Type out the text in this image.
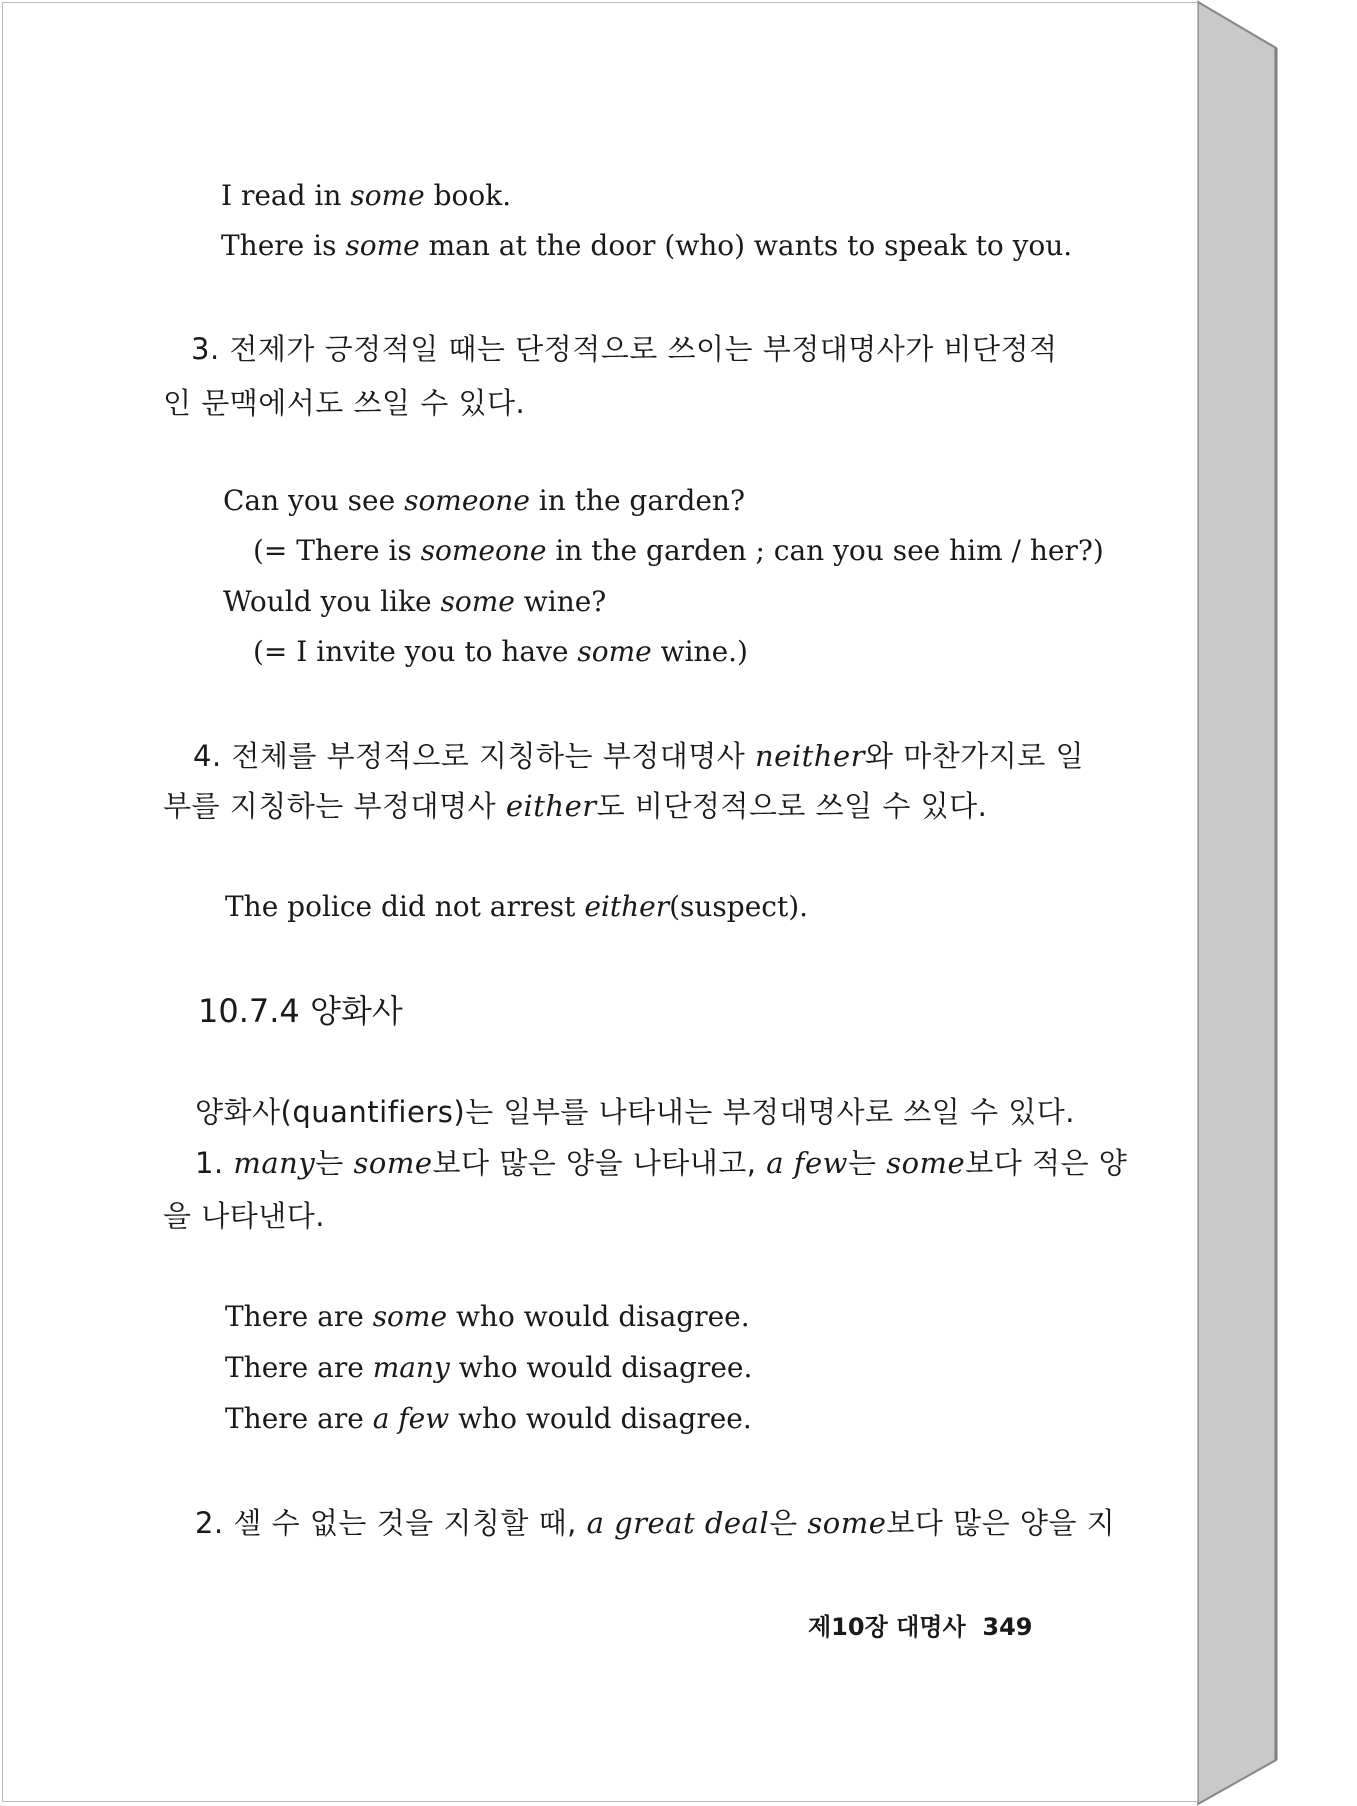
I read in some book.
There is some man at the door (who) wants to speak to you.
3. 전제가 긍정적일 때는 단정적으로 쓰이는 부정대명사가 비단정적
인 문맥에서도 쓰일 수 있다.
Can you see someone in the garden?
(= There is someone in the garden ; can you see him / her?)
Would you like some wine?
(= I invite you to have some wine.)
4. 전체를 부정적으로 지칭하는 부정대명사 neither와 마찬가지로 일
부를 지칭하는 부정대명사 either도 비단정적으로 쓰일 수 있다.
The police did not arrest either(suspect).
10.7.4 양화사
양화사(quantifiers)는 일부를 나타내는 부정대명사로 쓰일 수 있다.
1. many는 some보다 많은 양을 나타내고, a few는 some보다 적은 양
을 나타낸다.
There are some who would disagree.
There are many who would disagree.
There are a few who would disagree.
2. 셀 수 없는 것을 지칭할 때, a great deal은 some보다 많은 양을 지
제10장 대명사 349
